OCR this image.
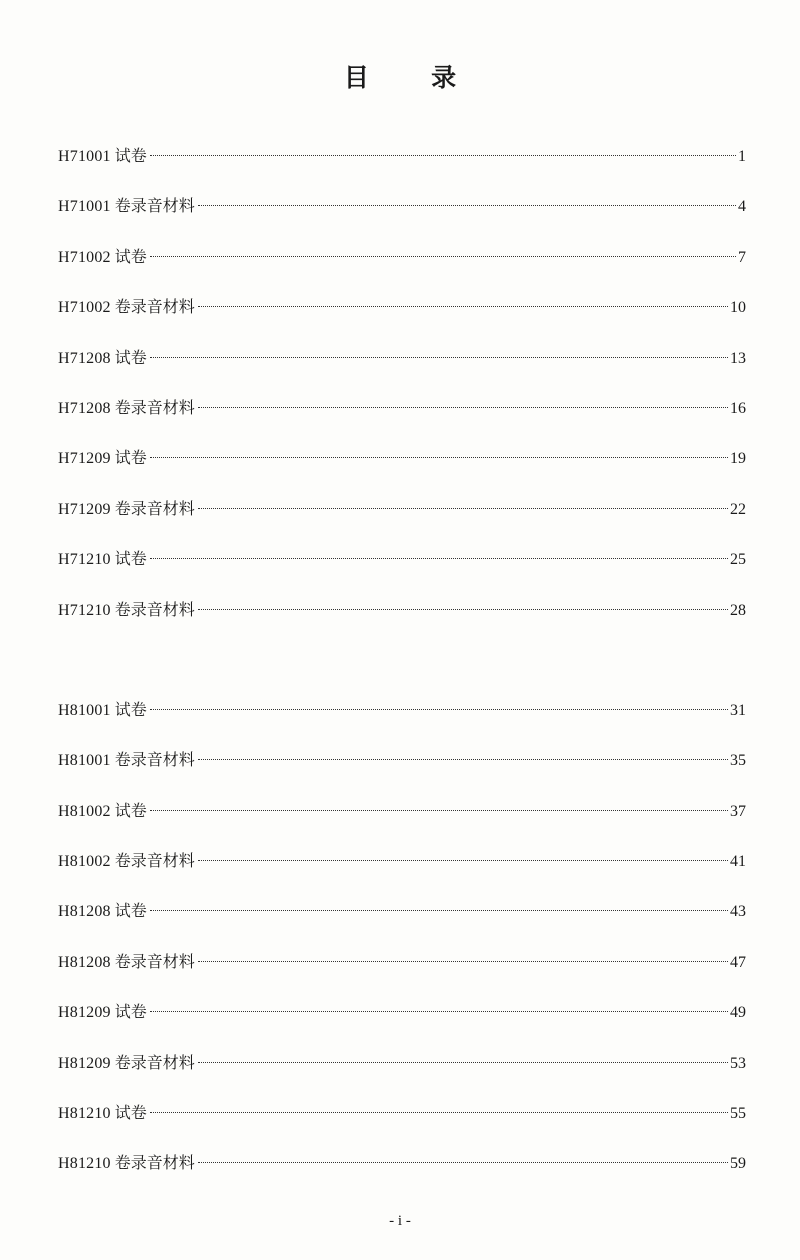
目 录
H71001 试卷	1
H71001 卷录音材料	4
H71002 试卷	7
H71002 卷录音材料	10
H71208 试卷	13
H71208 卷录音材料	16
H71209 试卷	19
H71209 卷录音材料	22
H71210 试卷	25
H71210 卷录音材料	28
H81001 试卷	31
H81001 卷录音材料	35
H81002 试卷	37
H81002 卷录音材料	41
H81208 试卷	43
H81208 卷录音材料	47
H81209 试卷	49
H81209 卷录音材料	53
H81210 试卷	55
H81210 卷录音材料	59
- i -
